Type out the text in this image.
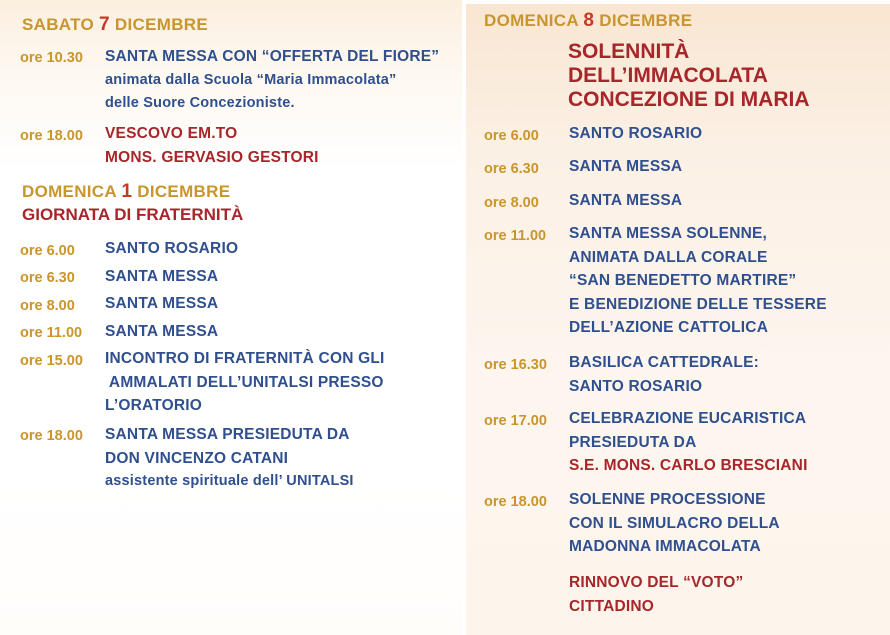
SABATO 7 DICEMBRE
ore 10.30 SANTA MESSA CON “OFFERTA DEL FIORE”
animata dalla Scuola “Maria Immacolata”
delle Suore Concezioniste.
ore 18.00 VESCOVO EM.TO
MONS. GERVASIO GESTORI
DOMENICA 1 DICEMBRE
GIORNATA DI FRATERNITÀ
ore 6.00 SANTO ROSARIO
ore 6.30 SANTA MESSA
ore 8.00 SANTA MESSA
ore 11.00 SANTA MESSA
ore 15.00 INCONTRO DI FRATERNITÀ CON GLI
AMMALATI DELL’UNITALSI PRESSO
L’ORATORIO
ore 18.00 SANTA MESSA PRESIEDUTA DA
DON VINCENZO CATANI
assistente spirituale dell’ UNITALSI
DOMENICA 8 DICEMBRE
SOLENNITÀ
DELL’IMMACOLATA
CONCEZIONE DI MARIA
ore 6.00 SANTO ROSARIO
ore 6.30 SANTA MESSA
ore 8.00 SANTA MESSA
ore 11.00 SANTA MESSA SOLENNE,
ANIMATA DALLA CORALE
“SAN BENEDETTO MARTIRE”
E BENEDIZIONE DELLE TESSERE
DELL’AZIONE CATTOLICA
ore 16.30 BASILICA CATTEDRALE:
SANTO ROSARIO
ore 17.00 CELEBRAZIONE EUCARISTICA
PRESIEDUTA DA
S.E. MONS. CARLO BRESCIANI
ore 18.00 SOLENNE PROCESSIONE
CON IL SIMULACRO DELLA
MADONNA IMMACOLATA
RINNOVO DEL “VOTO”
CITTADINO
